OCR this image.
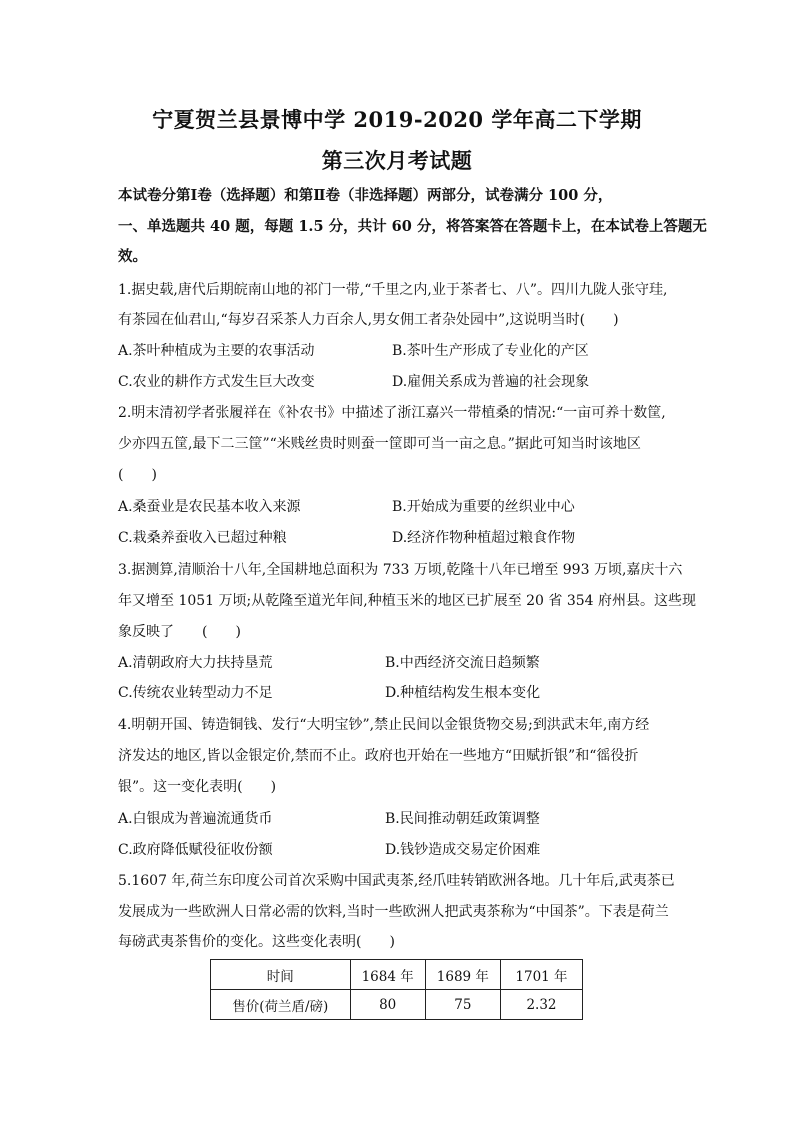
宁夏贺兰县景博中学 2019-2020 学年高二下学期
第三次月考试题
本试卷分第Ⅰ卷（选择题）和第Ⅱ卷（非选择题）两部分，试卷满分 100 分，
一、单选题共 40 题，每题 1.5 分，共计 60 分，将答案答在答题卡上，在本试卷上答题无
效。
1.据史载,唐代后期皖南山地的祁门一带,“千里之内,业于茶者七、八”。四川九陇人张守珪,
有茶园在仙君山,“每岁召采茶人力百余人,男女佣工者杂处园中”,这说明当时(　　)
A.茶叶种植成为主要的农事活动	B.茶叶生产形成了专业化的产区
C.农业的耕作方式发生巨大改变	D.雇佣关系成为普遍的社会现象
2.明末清初学者张履祥在《补农书》中描述了浙江嘉兴一带植桑的情况:“一亩可养十数筐,
少亦四五筐,最下二三筐”“米贱丝贵时则蚕一筐即可当一亩之息。”据此可知当时该地区
(　　)
A.桑蚕业是农民基本收入来源	B.开始成为重要的丝织业中心
C.栽桑养蚕收入已超过种粮	D.经济作物种植超过粮食作物
3.据测算,清顺治十八年,全国耕地总面积为 733 万顷,乾隆十八年已增至 993 万顷,嘉庆十六
年又增至 1051 万顷;从乾隆至道光年间,种植玉米的地区已扩展至 20 省 354 府州县。这些现
象反映了　　(　　)
A.清朝政府大力扶持垦荒	B.中西经济交流日趋频繁
C.传统农业转型动力不足	D.种植结构发生根本变化
4.明朝开国、铸造铜钱、发行“大明宝钞”,禁止民间以金银货物交易;到洪武末年,南方经
济发达的地区,皆以金银定价,禁而不止。政府也开始在一些地方“田赋折银”和“徭役折
银”。这一变化表明(　　)
A.白银成为普遍流通货币	B.民间推动朝廷政策调整
C.政府降低赋役征收份额	D.钱钞造成交易定价困难
5.1607 年,荷兰东印度公司首次采购中国武夷茶,经爪哇转销欧洲各地。几十年后,武夷茶已
发展成为一些欧洲人日常必需的饮料,当时一些欧洲人把武夷茶称为“中国茶”。下表是荷兰
每磅武夷茶售价的变化。这些变化表明(　　)
时间	1684 年	1689 年	1701 年
售价(荷兰盾/磅)	80	75	2.32
